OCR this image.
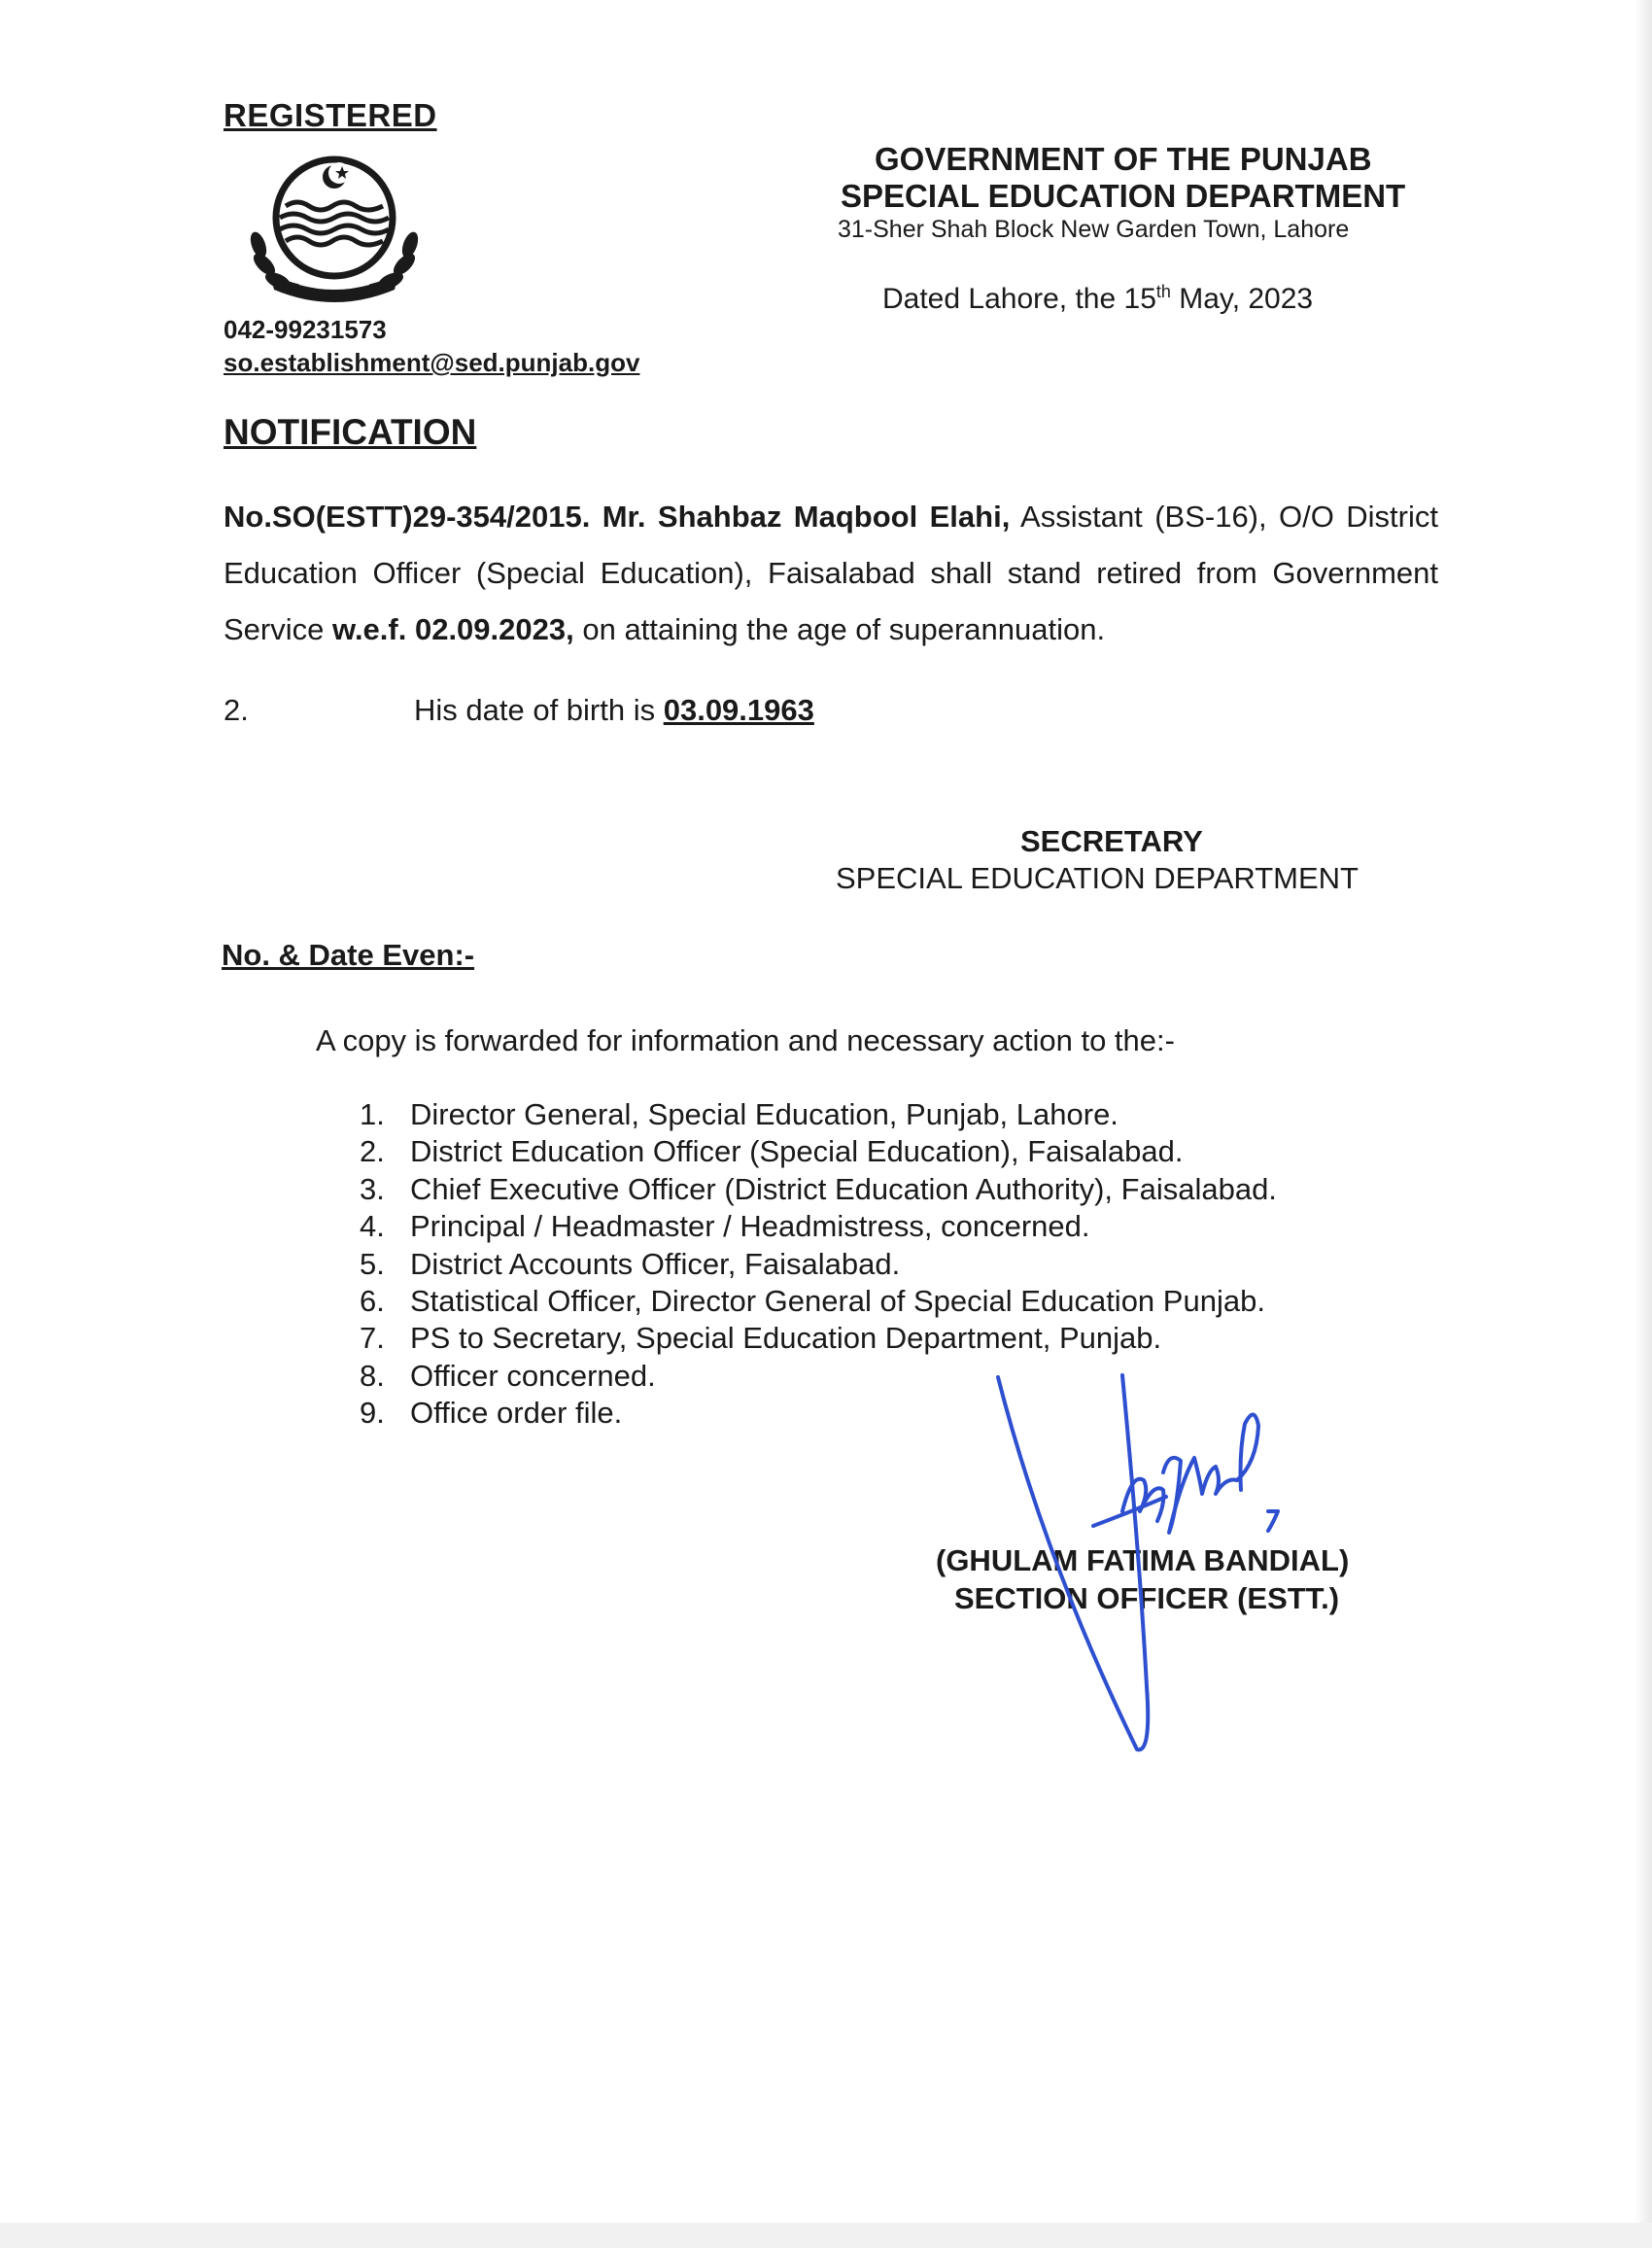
REGISTERED
042-99231573
so.establishment@sed.punjab.gov
GOVERNMENT OF THE PUNJAB
SPECIAL EDUCATION DEPARTMENT
31-Sher Shah Block New Garden Town, Lahore
Dated Lahore, the 15th May, 2023
NOTIFICATION
No.SO(ESTT)29-354/2015. Mr. Shahbaz Maqbool Elahi, Assistant (BS-16), O/O District Education Officer (Special Education), Faisalabad shall stand retired from Government Service w.e.f. 02.09.2023, on attaining the age of superannuation.
2.	His date of birth is 03.09.1963
SECRETARY
SPECIAL EDUCATION DEPARTMENT
No. & Date Even:-
A copy is forwarded for information and necessary action to the:-
1. Director General, Special Education, Punjab, Lahore.
2. District Education Officer (Special Education), Faisalabad.
3. Chief Executive Officer (District Education Authority), Faisalabad.
4. Principal / Headmaster / Headmistress, concerned.
5. District Accounts Officer, Faisalabad.
6. Statistical Officer, Director General of Special Education Punjab.
7. PS to Secretary, Special Education Department, Punjab.
8. Officer concerned.
9. Office order file.
(GHULAM FATIMA BANDIAL)
SECTION OFFICER (ESTT.)
